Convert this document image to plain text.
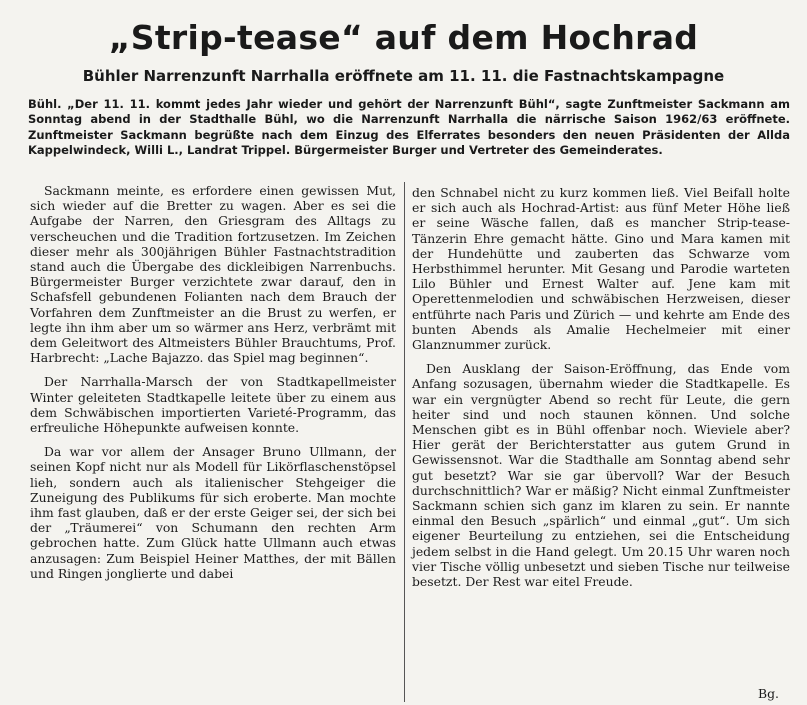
„Strip-tease“ auf dem Hochrad
Bühler Narrenzunft Narrhalla eröffnete am 11. 11. die Fastnachtskampagne
Bühl. „Der 11. 11. kommt jedes Jahr wieder und gehört der Narrenzunft Bühl“, sagte Zunftmeister Sackmann am Sonntag abend in der Stadthalle Bühl, wo die Narrenzunft Narrhalla die närrische Saison 1962/63 eröffnete. Zunftmeister Sackmann begrüßte nach dem Einzug des Elferrates besonders den neuen Präsidenten der Allda Kappelwindeck, Willi L., Landrat Trippel. Bürgermeister Burger und Vertreter des Gemeinderates.

Sackmann meinte, es erfordere einen gewissen Mut, sich wieder auf die Bretter zu wagen. Aber es sei die Aufgabe der Narren, den Griesgram des Alltags zu verscheuchen und die Tradition fortzusetzen. Im Zeichen dieser mehr als 300jährigen Bühler Fastnachtstradition stand auch die Übergabe des dickleibigen Narrenbuchs. Bürgermeister Burger verzichtete zwar darauf, den in Schafsfell gebundenen Folianten nach dem Brauch der Vorfahren dem Zunftmeister an die Brust zu werfen, er legte ihn ihm aber um so wärmer ans Herz, verbrämt mit dem Geleitwort des Altmeisters Bühler Brauchtums, Prof. Harbrecht: „Lache Bajazzo. das Spiel mag beginnen“.

Der Narrhalla-Marsch der von Stadtkapellmeister Winter geleiteten Stadtkapelle leitete über zu einem aus dem Schwäbischen importierten Varieté-Programm, das erfreuliche Höhepunkte aufweisen konnte.

Da war vor allem der Ansager Bruno Ullmann, der seinen Kopf nicht nur als Modell für Likörflaschenstöpsel lieh, sondern auch als italienischer Stehgeiger die Zuneigung des Publikums für sich eroberte. Man mochte ihm fast glauben, daß er der erste Geiger sei, der sich bei der „Träumerei“ von Schumann den rechten Arm gebrochen hatte. Zum Glück hatte Ullmann auch etwas anzusagen: Zum Beispiel Heiner Matthes, der mit Bällen und Ringen jonglierte und dabei

den Schnabel nicht zu kurz kommen ließ. Viel Beifall holte er sich auch als Hochrad-Artist: aus fünf Meter Höhe ließ er seine Wäsche fallen, daß es mancher Strip-tease-Tänzerin Ehre gemacht hätte. Gino und Mara kamen mit der Hundehütte und zauberten das Schwarze vom Herbsthimmel herunter. Mit Gesang und Parodie warteten Lilo Bühler und Ernest Walter auf. Jene kam mit Operettenmelodien und schwäbischen Herzweisen, dieser entführte nach Paris und Zürich — und kehrte am Ende des bunten Abends als Amalie Hechelmeier mit einer Glanznummer zurück.

Den Ausklang der Saison-Eröffnung, das Ende vom Anfang sozusagen, übernahm wieder die Stadtkapelle. Es war ein vergnügter Abend so recht für Leute, die gern heiter sind und noch staunen können. Und solche Menschen gibt es in Bühl offenbar noch. Wieviele aber? Hier gerät der Berichterstatter aus gutem Grund in Gewissensnot. War die Stadthalle am Sonntag abend sehr gut besetzt? War sie gar übervoll? War der Besuch durchschnittlich? War er mäßig? Nicht einmal Zunftmeister Sackmann schien sich ganz im klaren zu sein. Er nannte einmal den Besuch „spärlich“ und einmal „gut“. Um sich eigener Beurteilung zu entziehen, sei die Entscheidung jedem selbst in die Hand gelegt. Um 20.15 Uhr waren noch vier Tische völlig unbesetzt und sieben Tische nur teilweise besetzt. Der Rest war eitel Freude.

Bg.
